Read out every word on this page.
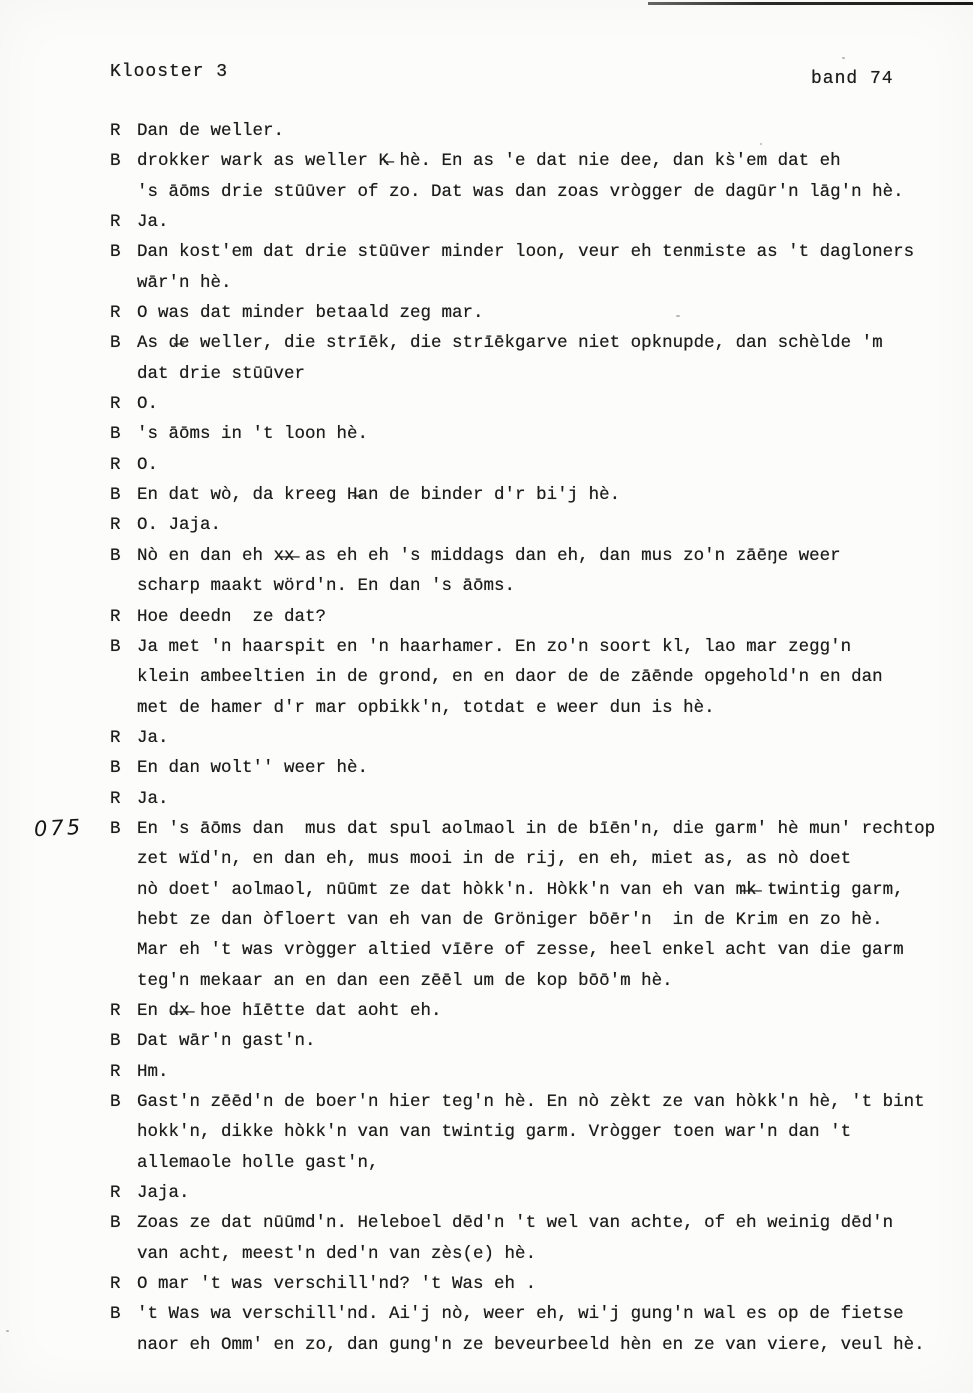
Klooster 3	band 74
075
R Dan de weller.
B drokker wark as weller K̶ hè. En as 'e dat nie dee, dan ks̀'em dat eh
's āōms drie stūūver of zo. Dat was dan zoas vrògger de dagūr'n lāg'n hè.
R Ja.
B Dan kost'em dat drie stūūver minder loon, veur eh tenmiste as 't dagloners
wār'n hè.
R O was dat minder betaald zeg mar.
B As d̶e weller, die strīēk, die strīēkgarve niet opknupde, dan schèlde 'm
dat drie stūūver
R O.
B 's āōms in 't loon hè.
R O.
B En dat wò, da kreeg H̶an de binder d'r bi'j hè.
R O. Jaja.
B Nò en dan eh x̶x̶ as eh eh 's middags dan eh, dan mus zo'n zāēŋe weer
scharp maakt wörd'n. En dan 's āōms.
R Hoe deedn  ze dat?
B Ja met 'n haarspit en 'n haarhamer. En zo'n soort kl, lao mar zegg'n
klein ambeeltien in de grond, en en daor de de zāēnde opgehold'n en dan
met de hamer d'r mar opbikk'n, totdat e weer dun is hè.
R Ja.
B En dan wolt'' weer hè.
R Ja.
B En 's āōms dan  mus dat spul aolmaol in de bīēn'n, die garm' hè mun' rechtop
zet wïd'n, en dan eh, mus mooi in de rij, en eh, miet as, as nò doet
nò doet' aolmaol, nūūmt ze dat hòkk'n. Hòkk'n van eh van m̶k̶ twintig garm,
hebt ze dan òfloert van eh van de Gröniger bōēr'n  in de Krim en zo hè.
Mar eh 't was vrògger altied vīēre of zesse, heel enkel acht van die garm
teg'n mekaar an en dan een zēēl um de kop bōō'm hè.
R En d̶x̶ hoe hīētte dat aoht eh.
B Dat wār'n gast'n.
R Hm.
B Gast'n zēēd'n de boer'n hier teg'n hè. En nò zèkt ze van hòkk'n hè, 't bint
hokk'n, dikke hòkk'n van van twintig garm. Vrògger toen war'n dan 't
allemaole holle gast'n,
R Jaja.
B Zoas ze dat nūūmd'n. Heleboel dēd'n 't wel van achte, of eh weinig dēd'n
van acht, meest'n ded'n van zès(e) hè.
R O mar 't was verschill'nd? 't Was eh .
B 't Was wa verschill'nd. Ai'j nò, weer eh, wi'j gung'n wal es op de fietse
naor eh Omm' en zo, dan gung'n ze beveurbeeld hèn en ze van viere, veul hè.
